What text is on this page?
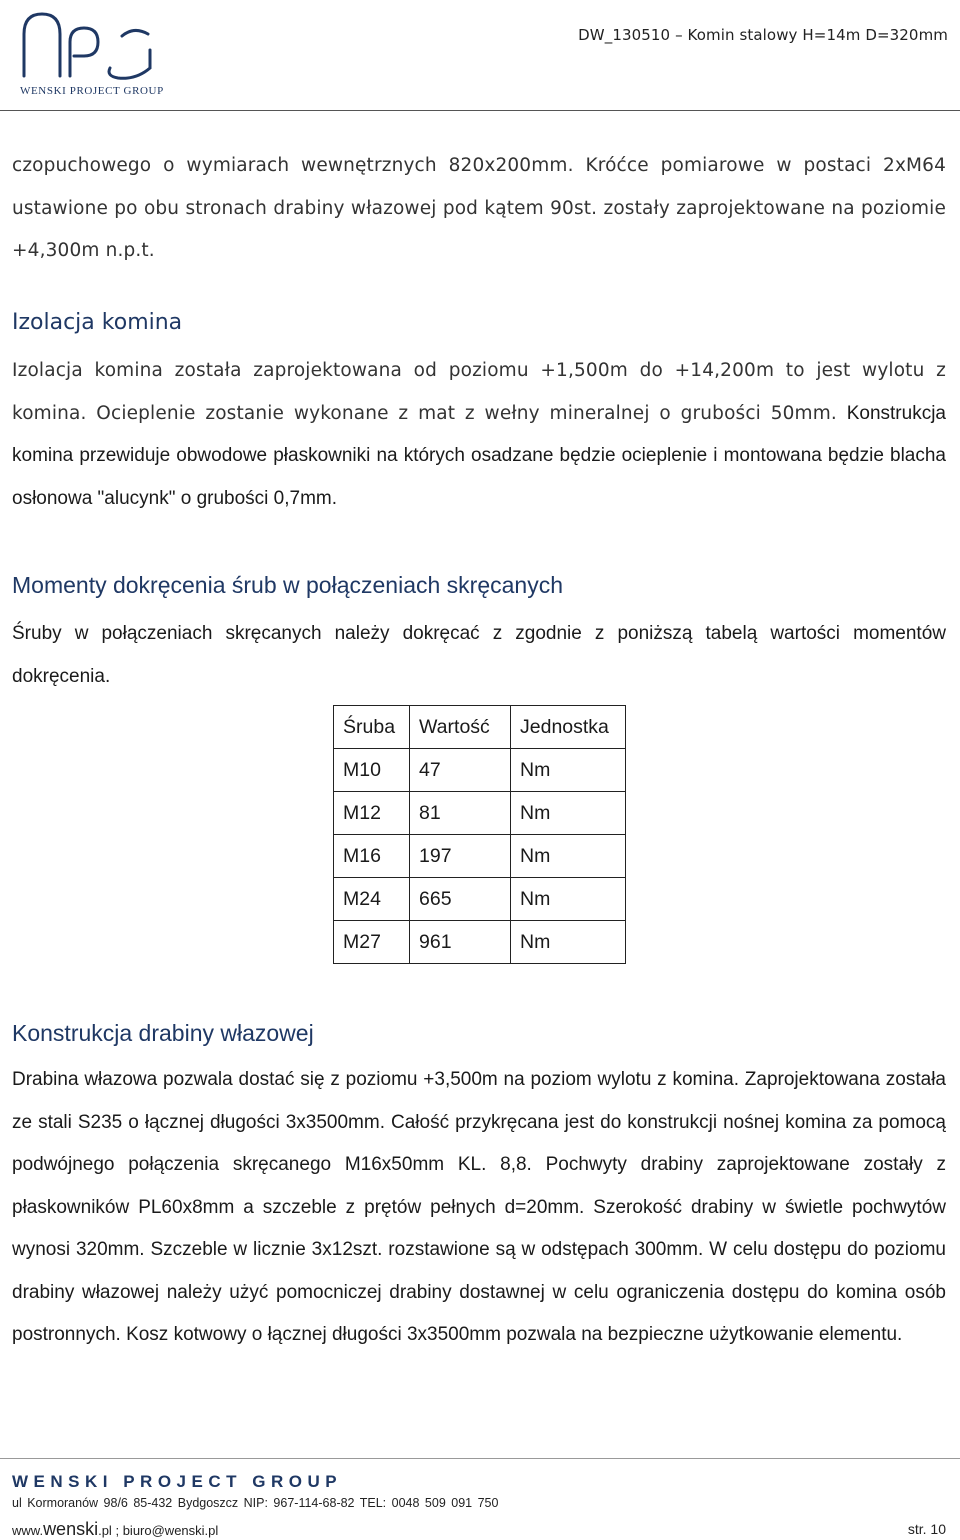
WENSKI PROJECT GROUP
DW_130510 – Komin stalowy H=14m D=320mm

czopuchowego o wymiarach wewnętrznych 820x200mm. Króćce pomiarowe w postaci 2xM64 ustawione po obu stronach drabiny włazowej pod kątem 90st. zostały zaprojektowane na poziomie +4,300m n.p.t.

Izolacja komina

Izolacja komina została zaprojektowana od poziomu +1,500m do +14,200m to jest wylotu z komina. Ocieplenie zostanie wykonane z mat z wełny mineralnej o grubości 50mm. Konstrukcja komina przewiduje obwodowe płaskowniki na których osadzane będzie ocieplenie i montowana będzie blacha osłonowa "alucynk" o grubości 0,7mm.

Momenty dokręcenia śrub w połączeniach skręcanych

Śruby w połączeniach skręcanych należy dokręcać z zgodnie z poniższą tabelą wartości momentów dokręcenia.

Śruba	Wartość	Jednostka
M10	47	Nm
M12	81	Nm
M16	197	Nm
M24	665	Nm
M27	961	Nm
Konstrukcja drabiny włazowej

Drabina włazowa pozwala dostać się z poziomu +3,500m na poziom wylotu z komina. Zaprojektowana została ze stali S235 o łącznej długości 3x3500mm. Całość przykręcana jest do konstrukcji nośnej komina za pomocą podwójnego połączenia skręcanego M16x50mm KL. 8,8. Pochwyty drabiny zaprojektowane zostały z płaskowników PL60x8mm a szczeble z prętów pełnych d=20mm. Szerokość drabiny w świetle pochwytów wynosi 320mm. Szczeble w licznie 3x12szt. rozstawione są w odstępach 300mm. W celu dostępu do poziomu drabiny włazowej należy użyć pomocniczej drabiny dostawnej w celu ograniczenia dostępu do komina osób postronnych. Kosz kotwowy o łącznej długości 3x3500mm pozwala na bezpieczne użytkowanie elementu.

WENSKI PROJECT GROUP
ul Kormoranów 98/6 85-432 Bydgoszcz NIP: 967-114-68-82 TEL: 0048 509 091 750
www.wenski.pl ; biuro@wenski.pl	str. 10
